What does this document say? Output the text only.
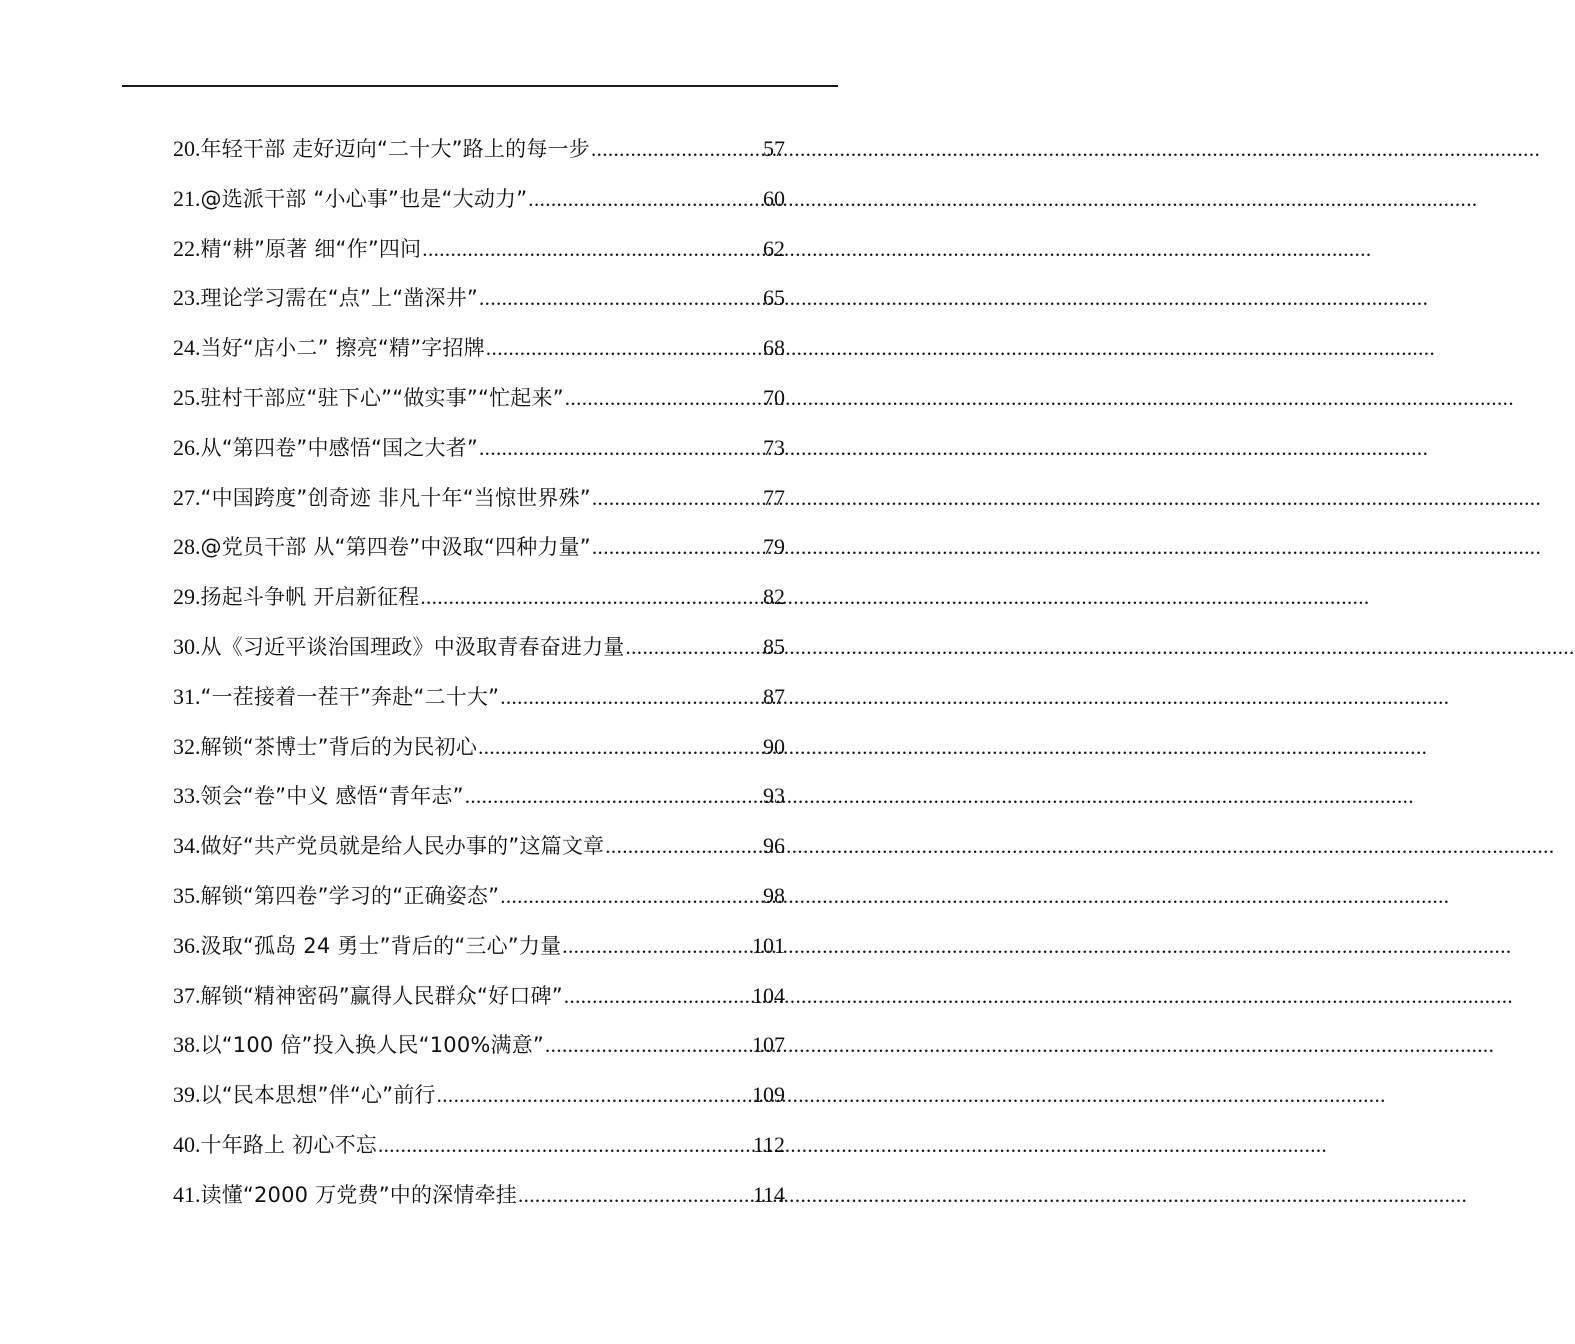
20. 年轻干部 走好迈向“二十大”路上的每一步 .....	57
21. @选派干部 “小心事”也是“大动力” .....	60
22. 精“耕”原著 细“作”四问 .....	62
23. 理论学习需在“点”上“凿深井” .....	65
24. 当好“店小二” 擦亮“精”字招牌 .....	68
25. 驻村干部应“驻下心”“做实事”“忙起来” .....	70
26. 从“第四卷”中感悟“国之大者” .....	73
27. “中国跨度”创奇迹 非凡十年“当惊世界殊” .....	77
28. @党员干部 从“第四卷”中汲取“四种力量” .....	79
29. 扬起斗争帆 开启新征程 .....	82
30. 从《习近平谈治国理政》中汲取青春奋进力量 .....	85
31. “一茬接着一茬干”奔赴“二十大” .....	87
32. 解锁“茶博士”背后的为民初心 .....	90
33. 领会“卷”中义 感悟“青年志” .....	93
34. 做好“共产党员就是给人民办事的”这篇文章 .....	96
35. 解锁“第四卷”学习的“正确姿态” .....	98
36. 汲取“孤岛 24 勇士”背后的“三心”力量 .....	101
37. 解锁“精神密码”赢得人民群众“好口碑” .....	104
38. 以“100 倍”投入换人民“100%满意” .....	107
39. 以“民本思想”伴“心”前行 .....	109
40. 十年路上 初心不忘 .....	112
41. 读懂“2000 万党费”中的深情牵挂 .....	114
